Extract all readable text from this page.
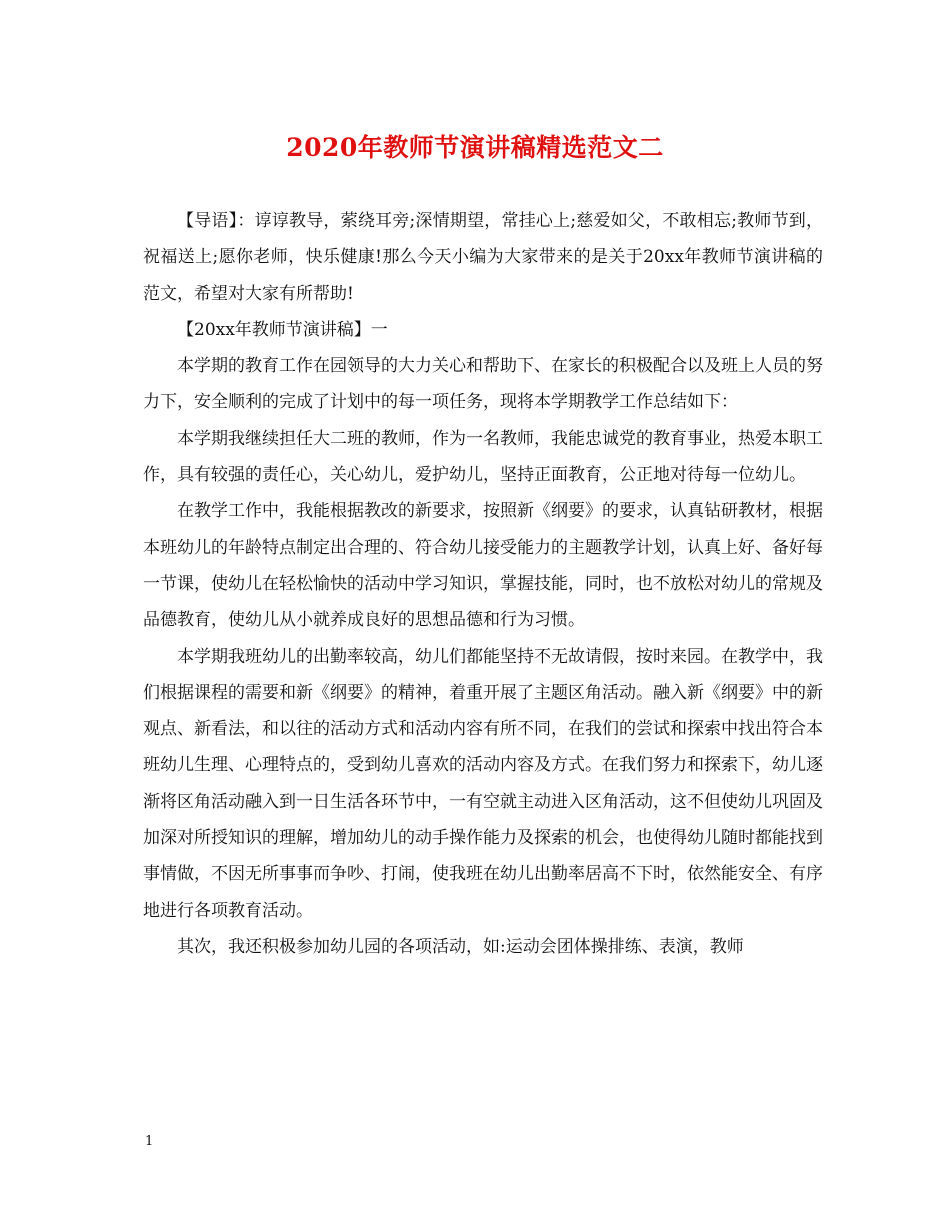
2020年教师节演讲稿精选范文二

【导语】：谆谆教导，萦绕耳旁;深情期望，常挂心上;慈爱如父，不敢相忘;教师节到，祝福送上;愿你老师，快乐健康!那么今天小编为大家带来的是关于20xx年教师节演讲稿的范文，希望对大家有所帮助!

【20xx年教师节演讲稿】一

本学期的教育工作在园领导的大力关心和帮助下、在家长的积极配合以及班上人员的努力下，安全顺利的完成了计划中的每一项任务，现将本学期教学工作总结如下：

本学期我继续担任大二班的教师，作为一名教师，我能忠诚党的教育事业，热爱本职工作，具有较强的责任心，关心幼儿，爱护幼儿，坚持正面教育，公正地对待每一位幼儿。

在教学工作中，我能根据教改的新要求，按照新《纲要》的要求，认真钻研教材，根据本班幼儿的年龄特点制定出合理的、符合幼儿接受能力的主题教学计划，认真上好、备好每一节课，使幼儿在轻松愉快的活动中学习知识，掌握技能，同时，也不放松对幼儿的常规及品德教育，使幼儿从小就养成良好的思想品德和行为习惯。

本学期我班幼儿的出勤率较高，幼儿们都能坚持不无故请假，按时来园。在教学中，我们根据课程的需要和新《纲要》的精神，着重开展了主题区角活动。融入新《纲要》中的新观点、新看法，和以往的活动方式和活动内容有所不同，在我们的尝试和探索中找出符合本班幼儿生理、心理特点的，受到幼儿喜欢的活动内容及方式。在我们努力和探索下，幼儿逐渐将区角活动融入到一日生活各环节中，一有空就主动进入区角活动，这不但使幼儿巩固及加深对所授知识的理解，增加幼儿的动手操作能力及探索的机会，也使得幼儿随时都能找到事情做，不因无所事事而争吵、打闹，使我班在幼儿出勤率居高不下时，依然能安全、有序地进行各项教育活动。

其次，我还积极参加幼儿园的各项活动，如:运动会团体操排练、表演，教师

1
